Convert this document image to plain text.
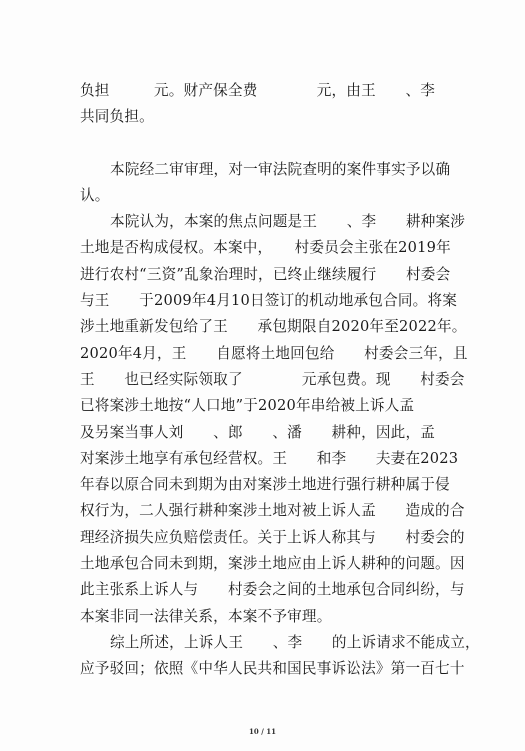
负担　　　元。财产保全费　　　　元，由王　　、李
共同负担。
本院经二审审理，对一审法院查明的案件事实予以确
认。
本院认为，本案的焦点问题是王　　、李　　耕种案涉
土地是否构成侵权。本案中，　　村委员会主张在2019年
进行农村“三资”乱象治理时，已终止继续履行　　村委会
与王　　于2009年4月10日签订的机动地承包合同。将案
涉土地重新发包给了王　　承包期限自2020年至2022年。
2020年4月，王　　自愿将土地回包给　　村委会三年，且
王　　也已经实际领取了　　　　元承包费。现　　村委会
已将案涉土地按“人口地”于2020年串给被上诉人孟
及另案当事人刘　　、郎　　、潘　　耕种，因此，孟
对案涉土地享有承包经营权。王　　和李　　夫妻在2023
年春以原合同未到期为由对案涉土地进行强行耕种属于侵
权行为，二人强行耕种案涉土地对被上诉人孟　　造成的合
理经济损失应负赔偿责任。关于上诉人称其与　　村委会的
土地承包合同未到期，案涉土地应由上诉人耕种的问题。因
此主张系上诉人与　　村委会之间的土地承包合同纠纷，与
本案非同一法律关系，本案不予审理。
综上所述，上诉人王　　、李　　的上诉请求不能成立，
应予驳回；依照《中华人民共和国民事诉讼法》第一百七十
10 / 11
